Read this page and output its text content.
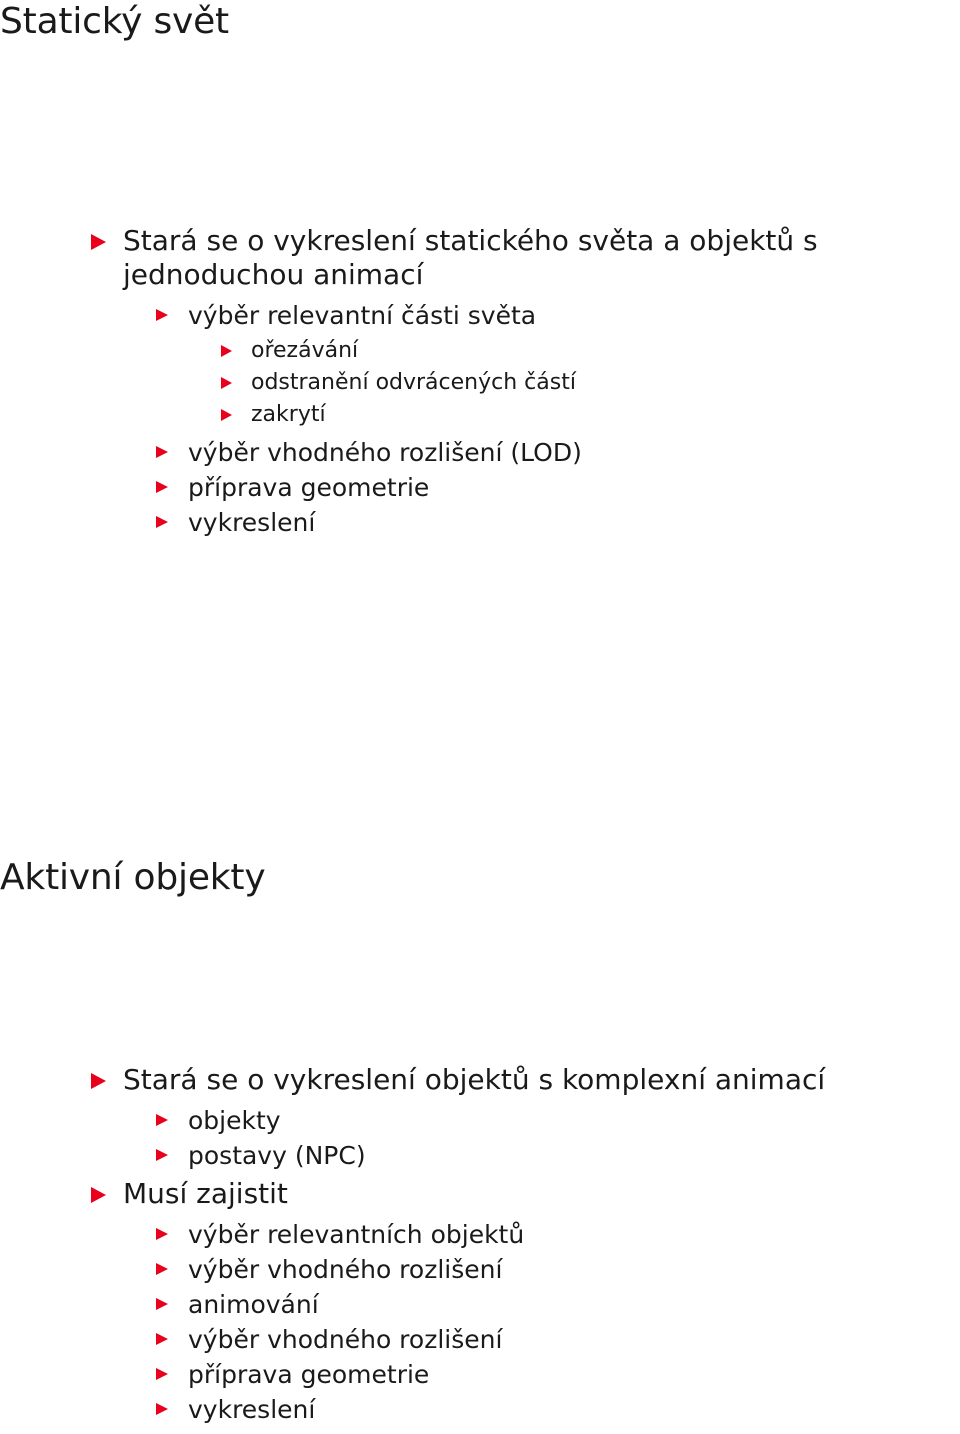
Statický svět
Stará se o vykreslení statického světa a objektů s jednoduchou animací
výběr relevantní části světa
ořezávání
odstranění odvrácených částí
zakrytí
výběr vhodného rozlišení (LOD)
příprava geometrie
vykreslení
Aktivní objekty
Stará se o vykreslení objektů s komplexní animací
objekty
postavy (NPC)
Musí zajistit
výběr relevantních objektů
výběr vhodného rozlišení
animování
výběr vhodného rozlišení
příprava geometrie
vykreslení
